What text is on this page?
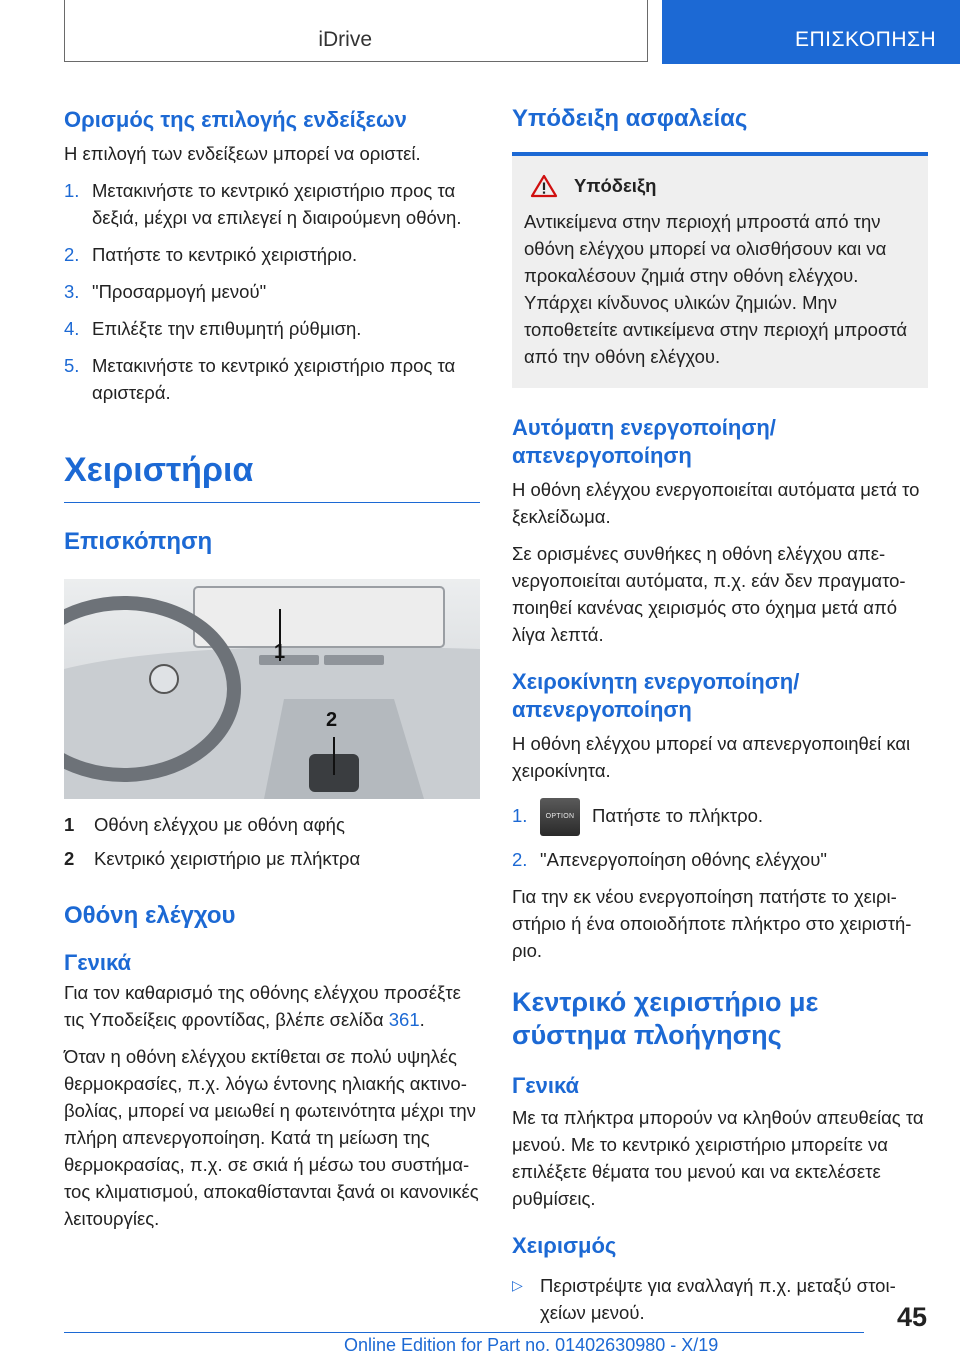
iDrive	ΕΠΙΣΚΟΠΗΣΗ
Ορισμός της επιλογής ενδείξεων

Η επιλογή των ενδείξεων μπορεί να οριστεί.

1. Μετακινήστε το κεντρικό χειριστήριο προς τα δεξιά, μέχρι να επιλεγεί η διαιρούμενη οθόνη.
2. Πατήστε το κεντρικό χειριστήριο.
3. "Προσαρμογή μενού"
4. Επιλέξτε την επιθυμητή ρύθμιση.
5. Μετακινήστε το κεντρικό χειριστήριο προς τα αριστερά.
Χειριστήρια
Επισκόπηση
1
2
1	Οθόνη ελέγχου με οθόνη αφής
2	Κεντρικό χειριστήριο με πλήκτρα
Οθόνη ελέγχου
Γενικά

Για τον καθαρισμό της οθόνης ελέγχου προσέξτε τις Υποδείξεις φροντίδας, βλέπε σελίδα 361.

Όταν η οθόνη ελέγχου εκτίθεται σε πολύ υψηλές θερμοκρασίες, π.χ. λόγω έντονης ηλιακής ακτινοβολίας, μπορεί να μειωθεί η φωτεινότητα μέχρι την πλήρη απενεργοποίηση. Κατά τη μείωση της θερμοκρασίας, π.χ. σε σκιά ή μέσω του συστήματος κλιματισμού, αποκαθίστανται ξανά οι κανονικές λειτουργίες.

Υπόδειξη ασφαλείας
Υπόδειξη

Αντικείμενα στην περιοχή μπροστά από την οθόνη ελέγχου μπορεί να ολισθήσουν και να προκαλέσουν ζημιά στην οθόνη ελέγχου. Υπάρχει κίνδυνος υλικών ζημιών. Μην τοποθετείτε αντικείμενα στην περιοχή μπροστά από την οθόνη ελέγχου.

Αυτόματη ενεργοποίηση/ απενεργοποίηση

Η οθόνη ελέγχου ενεργοποιείται αυτόματα μετά το ξεκλείδωμα.

Σε ορισμένες συνθήκες η οθόνη ελέγχου απενεργοποιείται αυτόματα, π.χ. εάν δεν πραγματοποιηθεί κανένας χειρισμός στο όχημα μετά από λίγα λεπτά.

Χειροκίνητη ενεργοποίηση/ απενεργοποίηση

Η οθόνη ελέγχου μπορεί να απενεργοποιηθεί και χειροκίνητα.

1.	OPTION Πατήστε το πλήκτρο.
2. "Απενεργοποίηση οθόνης ελέγχου"

Για την εκ νέου ενεργοποίηση πατήστε το χειριστήριο ή ένα οποιοδήποτε πλήκτρο στο χειριστήριο.

Κεντρικό χειριστήριο με σύστημα πλοήγησης
Γενικά

Με τα πλήκτρα μπορούν να κληθούν απευθείας τα μενού. Με το κεντρικό χειριστήριο μπορείτε να επιλέξετε θέματα του μενού και να εκτελέσετε ρυθμίσεις.

Χειρισμός
▷ Περιστρέψτε για εναλλαγή π.χ. μεταξύ στοιχείων μενού.	45
Online Edition for Part no. 01402630980 - X/19
